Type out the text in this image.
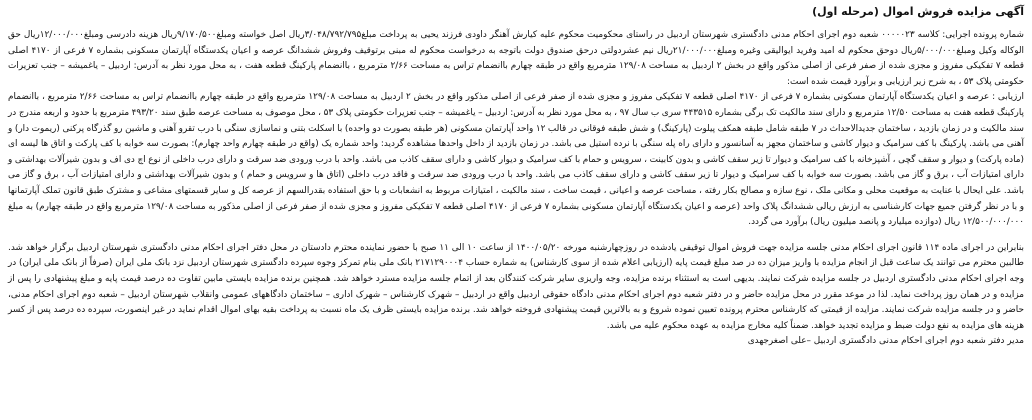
آگهی مزایده فروش اموال (مرحله اول)

شماره پرونده اجرایی: کلاسه ۰۰۰۰۰۲۳ شعبه دوم اجرای احکام مدنی دادگستری شهرستان اردبیل در راستای محکومیت محکوم علیه کیارش آهنگر داودی فرزند یحیی به پرداخت مبلغ۳/۰۴۸/۷۹۲/۷۹۵ریال اصل خواسته ومبلغ۹/۱۷۰/۵۰۰ریال هزینه دادرسی ومبلغ۱۲/۰۰۰/۰۰۰ریال حق الوکاله وکیل ومبلغ۵/۰۰۰/۰۰۰ریال دوحق محکوم له امید وفرید ایوالیقی وغیره ومبلغ۲۱/۰۰۰/۰۰۰ریال نیم عشردولتی درحق صندوق دولت باتوجه به درخواست محکوم له مبنی برتوقیف وفروش ششدانگ عرصه و اعیان یکدستگاه آپارتمان مسکونی بشماره ۷ فرعی از ۴۱۷۰ اصلی قطعه ۷ تفکیکی مفروز و مجزی شده از صفر فرعی از اصلی مذکور واقع در بخش ۲ اردبیل به مساحت ۱۲۹/۰۸ مترمربع واقع در طبقه چهارم باانضمام تراس به مساحت ۲/۶۶ مترمربع ، باانضمام پارکینگ قطعه هفت ، به محل مورد نظر به آدرس: اردبیل – یاغمیشه – جنب تعزیرات حکومتی پلاک ۵۳ ، به شرح زیر ارزیابی و برآورد قیمت شده است:

ارزیابی : عرصه و اعیان یکدستگاه آپارتمان مسکونی بشماره ۷ فرعی از ۴۱۷۰ اصلی قطعه ۷ تفکیکی مفروز و مجزی شده از صفر فرعی از اصلی مذکور واقع در بخش ۲ اردبیل به مساحت ۱۲۹/۰۸ مترمربع واقع در طبقه چهارم باانضمام تراس به مساحت ۲/۶۶ مترمربع ، باانضمام پارکینگ قطعه هفت به مساحت ۱۲/۵۰ مترمربع و دارای سند مالکیت تک برگی بشماره ۴۴۳۵۱۵ سری ب سال ۹۷ ، به محل مورد نظر به آدرس: اردبیل – یاغمیشه – جنب تعزیرات حکومتی پلاک ۵۳ ، محل موصوف به مساحت عرصه طبق سند ۴۹۳/۲۰ مترمربع با حدود و اربعه مندرج در سند مالکیت و در زمان بازدید ، ساختمان جدیدالاحداث در ۷ طبقه شامل طبقه همکف پیلوت (پارکینگ) و شش طبقه فوقانی در قالب ۱۲ واحد آپارتمان مسکونی (هر طبقه بصورت دو واحده) با اسکلت بتنی و نماسازی سنگی با درب تقرو آهنی و ماشین رو گذرگاه پرکنی (ریموت دار) و آهنی می باشد. پارکینگ با کف سرامیک و دیوار کاشی و ساختمان مجهز به آسانسور و دارای راه پله سنگی با نرده استیل می باشد. در زمان بازدید از داخل واحدها مشاهده گردید: واحد شماره یک (واقع در طبقه چهارم واحد چهارم): بصورت سه خوابه با کف پارکت و اتاق ها لیسه ای (ماده پارکت) و دیوار و سقف گچی ، آشپزخانه با کف سرامیک و دیوار تا زیر سقف کاشی و بدون کابینت ، سرویس و حمام با کف سرامیک و دیوار کاشی و دارای سقف کاذب می باشد. واحد با درب ورودی ضد سرقت و دارای درب داخلی از نوع اچ دی اف و بدون شیرآلات بهداشتی و دارای امتیازات آب ، برق و گاز می باشد. بصورت سه خوابه با کف سرامیک و دیوار تا زیر سقف کاشی و دارای سقف کاذب می باشد. واحد با درب ورودی ضد سرقت و فاقد درب داخلی (اتاق ها و سرویس و حمام ) و بدون شیرآلات بهداشتی و دارای امتیازات آب ، برق و گاز می باشد. علی ایحال با عنایت به موقعیت محلی و مکانی ملک ، نوع سازه و مصالح بکار رفته ، مساحت عرصه و اعیانی ، قیمت ساخت ، سند مالکیت ، امتیازات مربوط به انشعابات و با حق استفاده بقدرالسهم از عرصه کل و سایر قسمتهای مشاعی و مشترک طبق قانون تملک آپارتمانها و با در نظر گرفتن جمیع جهات کارشناسی به ارزش ریالی ششدانگ پلاک واحد (عرصه و اعیان یکدستگاه آپارتمان مسکونی بشماره ۷ فرعی از ۴۱۷۰ اصلی قطعه ۷ تفکیکی مفروز و مجزی شده از صفر فرعی از اصلی مذکور به مساحت ۱۲۹/۰۸ مترمربع واقع در طبقه چهارم) به مبلغ ۱۲/۵۰۰/۰۰۰/۰۰۰ ریال (دوازده میلیارد و پانصد میلیون ریال) برآورد می گردد.

بنابراین در اجرای ماده ۱۱۴ قانون اجرای احکام مدنی جلسه مزایده جهت فروش اموال توقیفی یادشده در روزچهارشنبه مورخه ۱۴۰۰/۰۵/۲۰ از ساعت ۱۰ الی ۱۱ صبح با حضور نماینده محترم دادستان در محل دفتر اجرای احکام مدنی دادگستری شهرستان اردبیل برگزار خواهد شد. طالبین محترم می توانند یک ساعت قبل از انجام مزایده با واریز میزان ده در صد مبلغ قیمت پایه (ارزیابی اعلام شده از سوی کارشناس) به شماره حساب ۲۱۷۱۲۹۰۰۰۴ بانک ملی بنام تمرکز وجوه سپرده دادگستری شهرستان اردبیل نزد بانک ملی ایران (صرفاً از بانک ملی ایران) در وجه اجرای احکام مدنی دادگستری اردبیل در جلسه مزایده شرکت نمایند. بدیهی است به استثناء برنده مزایده، وجه واریزی سایر شرکت کنندگان بعد از اتمام جلسه مزایده مسترد خواهد شد. همچنین برنده مزایده بایستی مابین تفاوت ده درصد قیمت پایه و مبلغ پیشنهادی را پس از مزایده و در همان روز پرداخت نماید. لذا در موعد مقرر در محل مزایده حاضر و در دفتر شعبه دوم اجرای احکام مدنی دادگاه حقوقی اردبیل واقع در اردبیل – شهرک کارشناس – شهرک اداری – ساختمان دادگاههای عمومی وانقلاب شهرستان اردبیل – شعبه دوم اجرای احکام مدنی، حاضر و در جلسه مزایده شرکت نمایند. مزایده از قیمتی که کارشناس محترم پرونده تعیین نموده شروع و به بالاترین قیمت پیشنهادی فروخته خواهد شد. برنده مزایده بایستی ظرف یک ماه نسبت به پرداخت بقیه بهای اموال اقدام نماید در غیر اینصورت، سپرده ده درصد پس از کسر هزینه های مزایده به نفع دولت ضبط و مزایده تجدید خواهد. ضمناً کلیه مخارج مزایده به عهده محکوم علیه می باشد.

مدیر دفتر شعبه دوم اجرای احکام مدنی دادگستری اردبیل –علی اصغرجهدی
